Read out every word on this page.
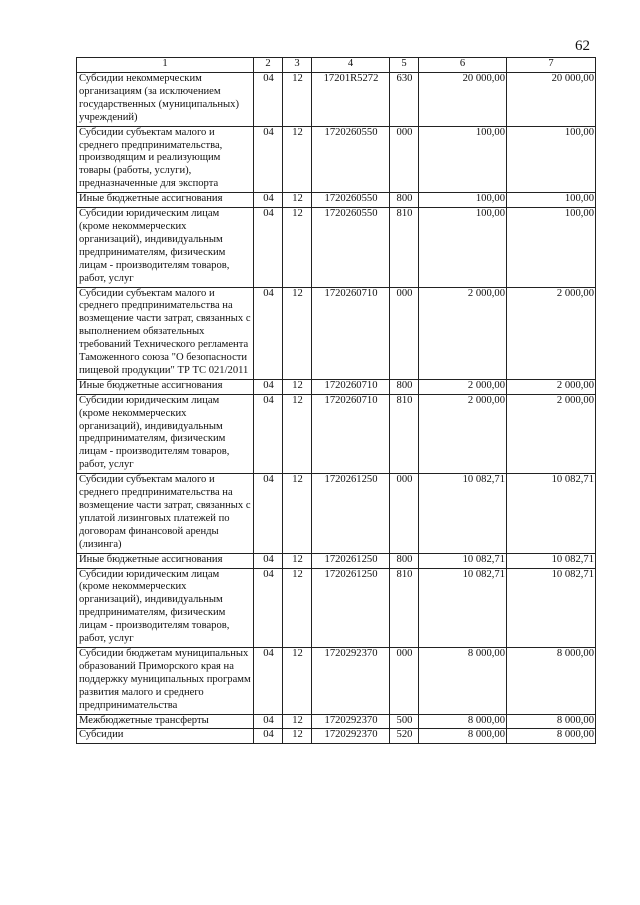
62
1	2	3	4	5	6	7
Субсидии некоммерческим организациям (за исключением государственных (муниципальных) учреждений)	04	12	17201R5272	630	20 000,00	20 000,00
Субсидии субъектам малого и среднего предпринимательства, производящим и реализующим товары (работы, услуги), предназначенные для экспорта	04	12	1720260550	000	100,00	100,00
Иные бюджетные ассигнования	04	12	1720260550	800	100,00	100,00
Субсидии юридическим лицам (кроме некоммерческих организаций), индивидуальным предпринимателям, физическим лицам - производителям товаров, работ, услуг	04	12	1720260550	810	100,00	100,00
Субсидии субъектам малого и среднего предпринимательства на возмещение части затрат, связанных с выполнением обязательных требований Технического регламента Таможенного союза "О безопасности пищевой продукции" ТР ТС 021/2011	04	12	1720260710	000	2 000,00	2 000,00
Иные бюджетные ассигнования	04	12	1720260710	800	2 000,00	2 000,00
Субсидии юридическим лицам (кроме некоммерческих организаций), индивидуальным предпринимателям, физическим лицам - производителям товаров, работ, услуг	04	12	1720260710	810	2 000,00	2 000,00
Субсидии субъектам малого и среднего предпринимательства на возмещение части затрат, связанных с уплатой лизинговых платежей по договорам финансовой аренды (лизинга)	04	12	1720261250	000	10 082,71	10 082,71
Иные бюджетные ассигнования	04	12	1720261250	800	10 082,71	10 082,71
Субсидии юридическим лицам (кроме некоммерческих организаций), индивидуальным предпринимателям, физическим лицам - производителям товаров, работ, услуг	04	12	1720261250	810	10 082,71	10 082,71
Субсидии бюджетам муниципальных образований Приморского края на поддержку муниципальных программ развития малого и среднего предпринимательства	04	12	1720292370	000	8 000,00	8 000,00
Межбюджетные трансферты	04	12	1720292370	500	8 000,00	8 000,00
Субсидии	04	12	1720292370	520	8 000,00	8 000,00
